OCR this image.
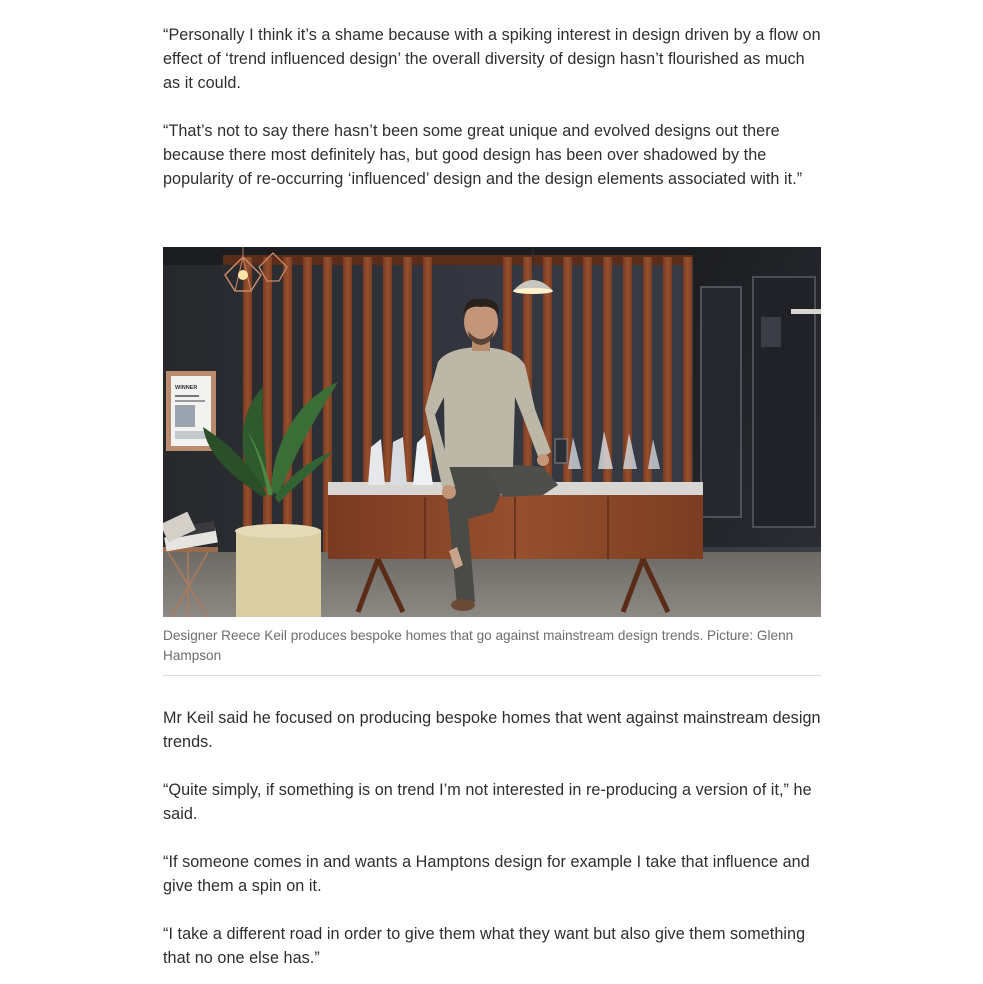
“Personally I think it’s a shame because with a spiking interest in design driven by a flow on effect of ‘trend influenced design’ the overall diversity of design hasn’t flourished as much as it could.

“That’s not to say there hasn’t been some great unique and evolved designs out there because there most definitely has, but good design has been over shadowed by the popularity of re-occurring ‘influenced’ design and the design elements associated with it.”

WINNER
Designer Reece Keil produces bespoke homes that go against mainstream design trends. Picture: Glenn Hampson

Mr Keil said he focused on producing bespoke homes that went against mainstream design trends.

“Quite simply, if something is on trend I’m not interested in re-producing a version of it,” he said.

“If someone comes in and wants a Hamptons design for example I take that influence and give them a spin on it.

“I take a different road in order to give them what they want but also give them something that no one else has.”
